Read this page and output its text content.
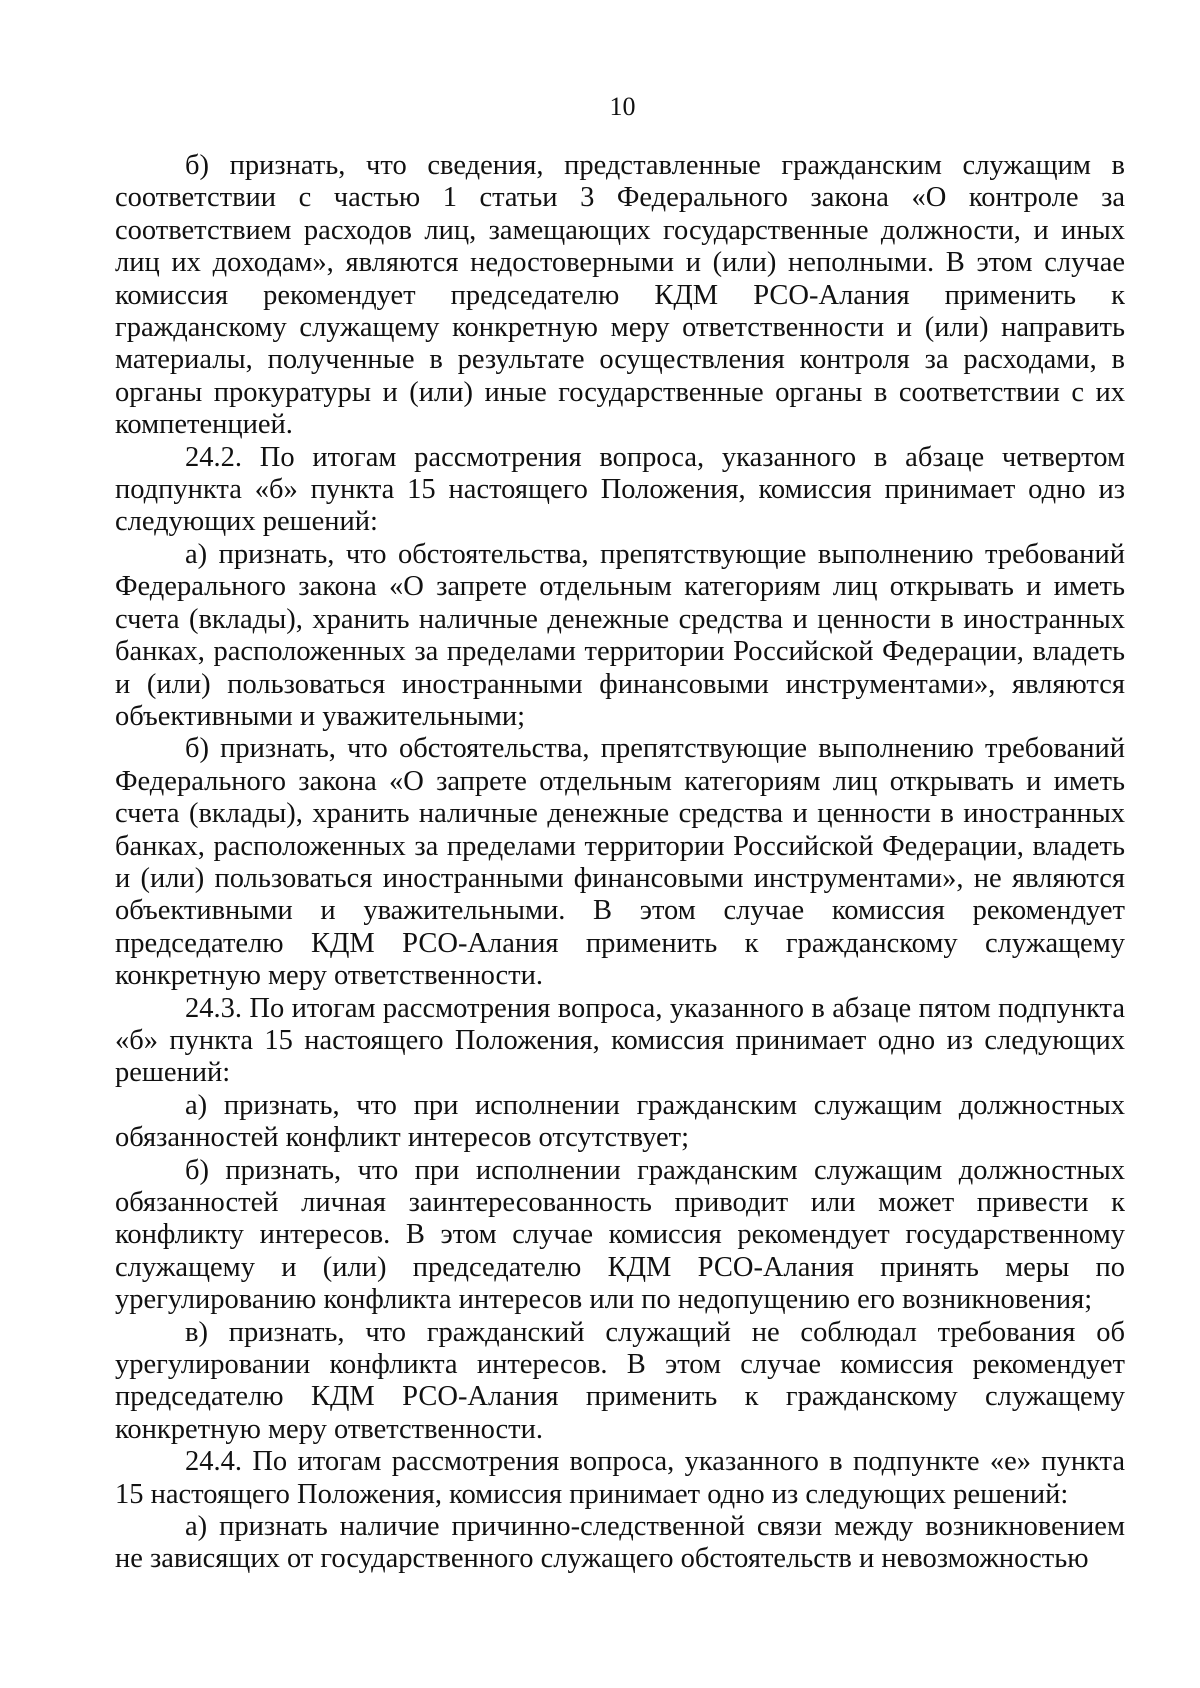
10

б) признать, что сведения, представленные гражданским служащим в соответствии с частью 1 статьи 3 Федерального закона «О контроле за соответствием расходов лиц, замещающих государственные должности, и иных лиц их доходам», являются недостоверными и (или) неполными. В этом случае комиссия рекомендует председателю КДМ РСО-Алания применить к гражданскому служащему конкретную меру ответственности и (или) направить материалы, полученные в результате осуществления контроля за расходами, в органы прокуратуры и (или) иные государственные органы в соответствии с их компетенцией.

24.2. По итогам рассмотрения вопроса, указанного в абзаце четвертом подпункта «б» пункта 15 настоящего Положения, комиссия принимает одно из следующих решений:

а) признать, что обстоятельства, препятствующие выполнению требований Федерального закона «О запрете отдельным категориям лиц открывать и иметь счета (вклады), хранить наличные денежные средства и ценности в иностранных банках, расположенных за пределами территории Российской Федерации, владеть и (или) пользоваться иностранными финансовыми инструментами», являются объективными и уважительными;

б) признать, что обстоятельства, препятствующие выполнению требований Федерального закона «О запрете отдельным категориям лиц открывать и иметь счета (вклады), хранить наличные денежные средства и ценности в иностранных банках, расположенных за пределами территории Российской Федерации, владеть и (или) пользоваться иностранными финансовыми инструментами», не являются объективными и уважительными. В этом случае комиссия рекомендует председателю КДМ РСО-Алания применить к гражданскому служащему конкретную меру ответственности.

24.3. По итогам рассмотрения вопроса, указанного в абзаце пятом подпункта «б» пункта 15 настоящего Положения, комиссия принимает одно из следующих решений:

а) признать, что при исполнении гражданским служащим должностных обязанностей конфликт интересов отсутствует;

б) признать, что при исполнении гражданским служащим должностных обязанностей личная заинтересованность приводит или может привести к конфликту интересов. В этом случае комиссия рекомендует государственному служащему и (или) председателю КДМ РСО-Алания принять меры по урегулированию конфликта интересов или по недопущению его возникновения;

в) признать, что гражданский служащий не соблюдал требования об урегулировании конфликта интересов. В этом случае комиссия рекомендует председателю КДМ РСО-Алания применить к гражданскому служащему конкретную меру ответственности.

24.4. По итогам рассмотрения вопроса, указанного в подпункте «е» пункта 15 настоящего Положения, комиссия принимает одно из следующих решений:

а) признать наличие причинно-следственной связи между возникновением не зависящих от государственного служащего обстоятельств и невозможностью
